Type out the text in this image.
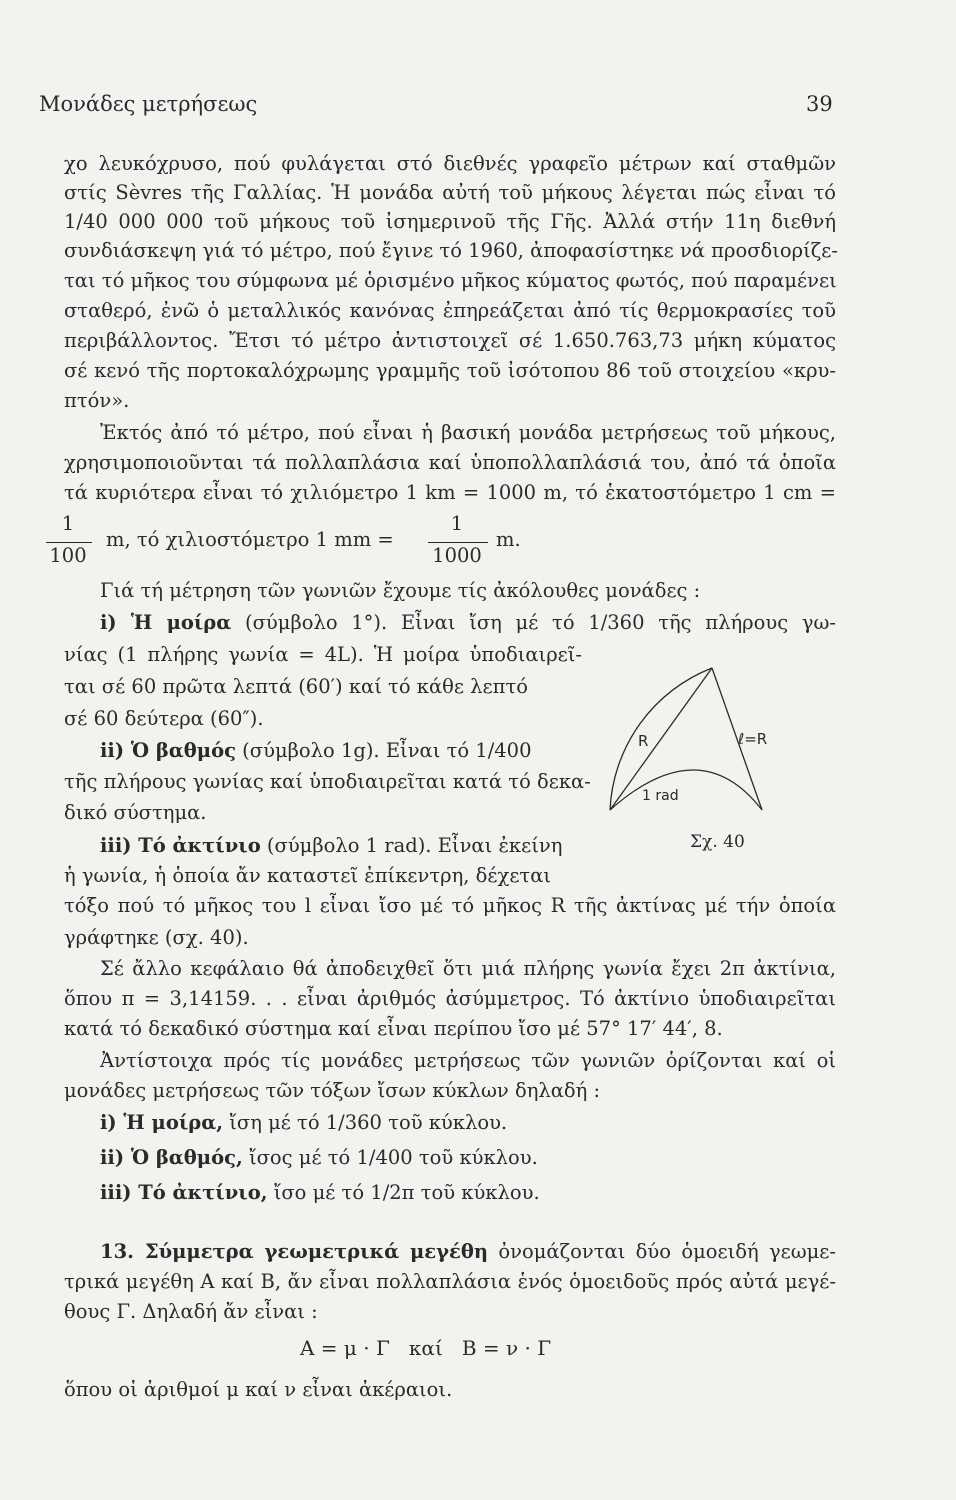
Μονάδες μετρήσεως	39
χο λευκόχρυσο, πού φυλάγεται στό διεθνές γραφεῖο μέτρων καί σταθμῶν
στίς Sèvres τῆς Γαλλίας. Ἡ μονάδα αὐτή τοῦ μήκους λέγεται πώς εἶναι τό
1/40 000 000 τοῦ μήκους τοῦ ἰσημερινοῦ τῆς Γῆς. Ἀλλά στήν 11η διεθνή
συνδιάσκεψη γιά τό μέτρο, πού ἔγινε τό 1960, ἀποφασίστηκε νά προσδιορίζε-
ται τό μῆκος του σύμφωνα μέ ὁρισμένο μῆκος κύματος φωτός, πού παραμένει
σταθερό, ἐνῶ ὁ μεταλλικός κανόνας ἐπηρεάζεται ἀπό τίς θερμοκρασίες τοῦ
περιβάλλοντος. Ἔτσι τό μέτρο ἀντιστοιχεῖ σέ 1.650.763,73 μήκη κύματος
σέ κενό τῆς πορτοκαλόχρωμης γραμμῆς τοῦ ἰσότοπου 86 τοῦ στοιχείου «κρυ-
πτόν».
Ἐκτός ἀπό τό μέτρο, πού εἶναι ἡ βασική μονάδα μετρήσεως τοῦ μήκους,
χρησιμοποιοῦνται τά πολλαπλάσια καί ὑποπολλαπλάσιά του, ἀπό τά ὁποῖα
τά κυριότερα εἶναι τό χιλιόμετρο 1 km = 1000 m, τό ἑκατοστόμετρο 1 cm =
1
100
m, τό χιλιοστόμετρο 1 mm =
1
1000
m.
Γιά τή μέτρηση τῶν γωνιῶν ἔχουμε τίς ἀκόλουθες μονάδες :
i) Ἡ μοίρα (σύμβολο 1°). Εἶναι ἴση μέ τό 1/360 τῆς πλήρους γω-
νίας (1 πλήρης γωνία = 4L). Ἡ μοίρα ὑποδιαιρεῖ-
ται σέ 60 πρῶτα λεπτά (60′) καί τό κάθε λεπτό
σέ 60 δεύτερα (60″).
ii) Ὁ βαθμός (σύμβολο 1g). Εἶναι τό 1/400
τῆς πλήρους γωνίας καί ὑποδιαιρεῖται κατά τό δεκα-
δικό σύστημα.
iii) Τό ἀκτίνιο (σύμβολο 1 rad). Εἶναι ἐκείνη
ἡ γωνία, ἡ ὁποία ἄν καταστεῖ ἐπίκεντρη, δέχεται
τόξο πού τό μῆκος του l εἶναι ἴσο μέ τό μῆκος R τῆς ἀκτίνας μέ τήν ὁποία
γράφτηκε (σχ. 40).
R	ℓ=R
1 rad
Σχ. 40
Σέ ἄλλο κεφάλαιο θά ἀποδειχθεῖ ὅτι μιά πλήρης γωνία ἔχει 2π ἀκτίνια,
ὅπου π = 3,14159. . . εἶναι ἀριθμός ἀσύμμετρος. Τό ἀκτίνιο ὑποδιαιρεῖται
κατά τό δεκαδικό σύστημα καί εἶναι περίπου ἴσο μέ 57° 17′ 44′, 8.
Ἀντίστοιχα πρός τίς μονάδες μετρήσεως τῶν γωνιῶν ὁρίζονται καί οἱ
μονάδες μετρήσεως τῶν τόξων ἴσων κύκλων δηλαδή :
i) Ἡ μοίρα, ἴση μέ τό 1/360 τοῦ κύκλου.
ii) Ὁ βαθμός, ἴσος μέ τό 1/400 τοῦ κύκλου.
iii) Τό ἀκτίνιο, ἴσο μέ τό 1/2π τοῦ κύκλου.
13. Σύμμετρα γεωμετρικά μεγέθη ὀνομάζονται δύο ὁμοειδή γεωμε-
τρικά μεγέθη Α καί Β, ἄν εἶναι πολλαπλάσια ἑνός ὁμοειδοῦς πρός αὐτά μεγέ-
θους Γ. Δηλαδή ἄν εἶναι :
Α = μ · Γ   καί   Β = ν · Γ
ὅπου οἱ ἀριθμοί μ καί ν εἶναι ἀκέραιοι.
